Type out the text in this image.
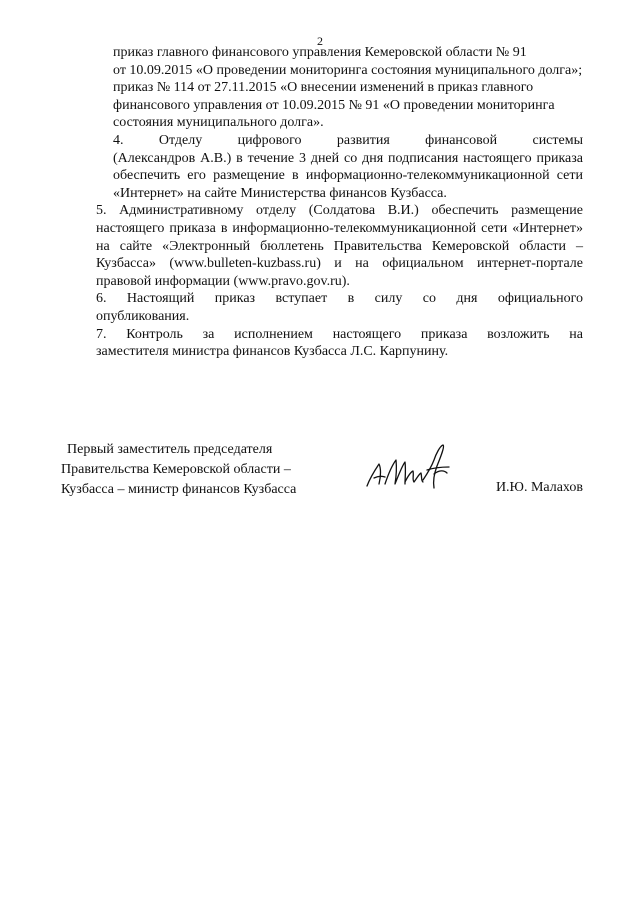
2

приказ главного финансового управления Кемеровской области № 91
от 10.09.2015 «О проведении мониторинга состояния муниципального долга»;

приказ № 114 от 27.11.2015 «О внесении изменений в приказ главного
финансового управления от 10.09.2015 № 91 «О проведении мониторинга
состояния муниципального долга».

4. Отделу цифрового развития финансовой системы
(Александров А.В.) в течение 3 дней со дня подписания настоящего приказа
обеспечить его размещение в информационно-телекоммуникационной сети
«Интернет» на сайте Министерства финансов Кузбасса.

5. Административному отделу (Солдатова В.И.) обеспечить размещение
настоящего приказа в информационно-телекоммуникационной сети «Интернет»
на сайте «Электронный бюллетень Правительства Кемеровской области –
Кузбасса» (www.bulleten-kuzbass.ru) и на официальном интернет-портале
правовой информации (www.pravo.gov.ru).

6. Настоящий приказ вступает в силу со дня официального
опубликования.

7. Контроль за исполнением настоящего приказа возложить на
заместителя министра финансов Кузбасса Л.С. Карпунину.

Первый заместитель председателя
Правительства Кемеровской области –
Кузбасса – министр финансов Кузбасса	И.Ю. Малахов
